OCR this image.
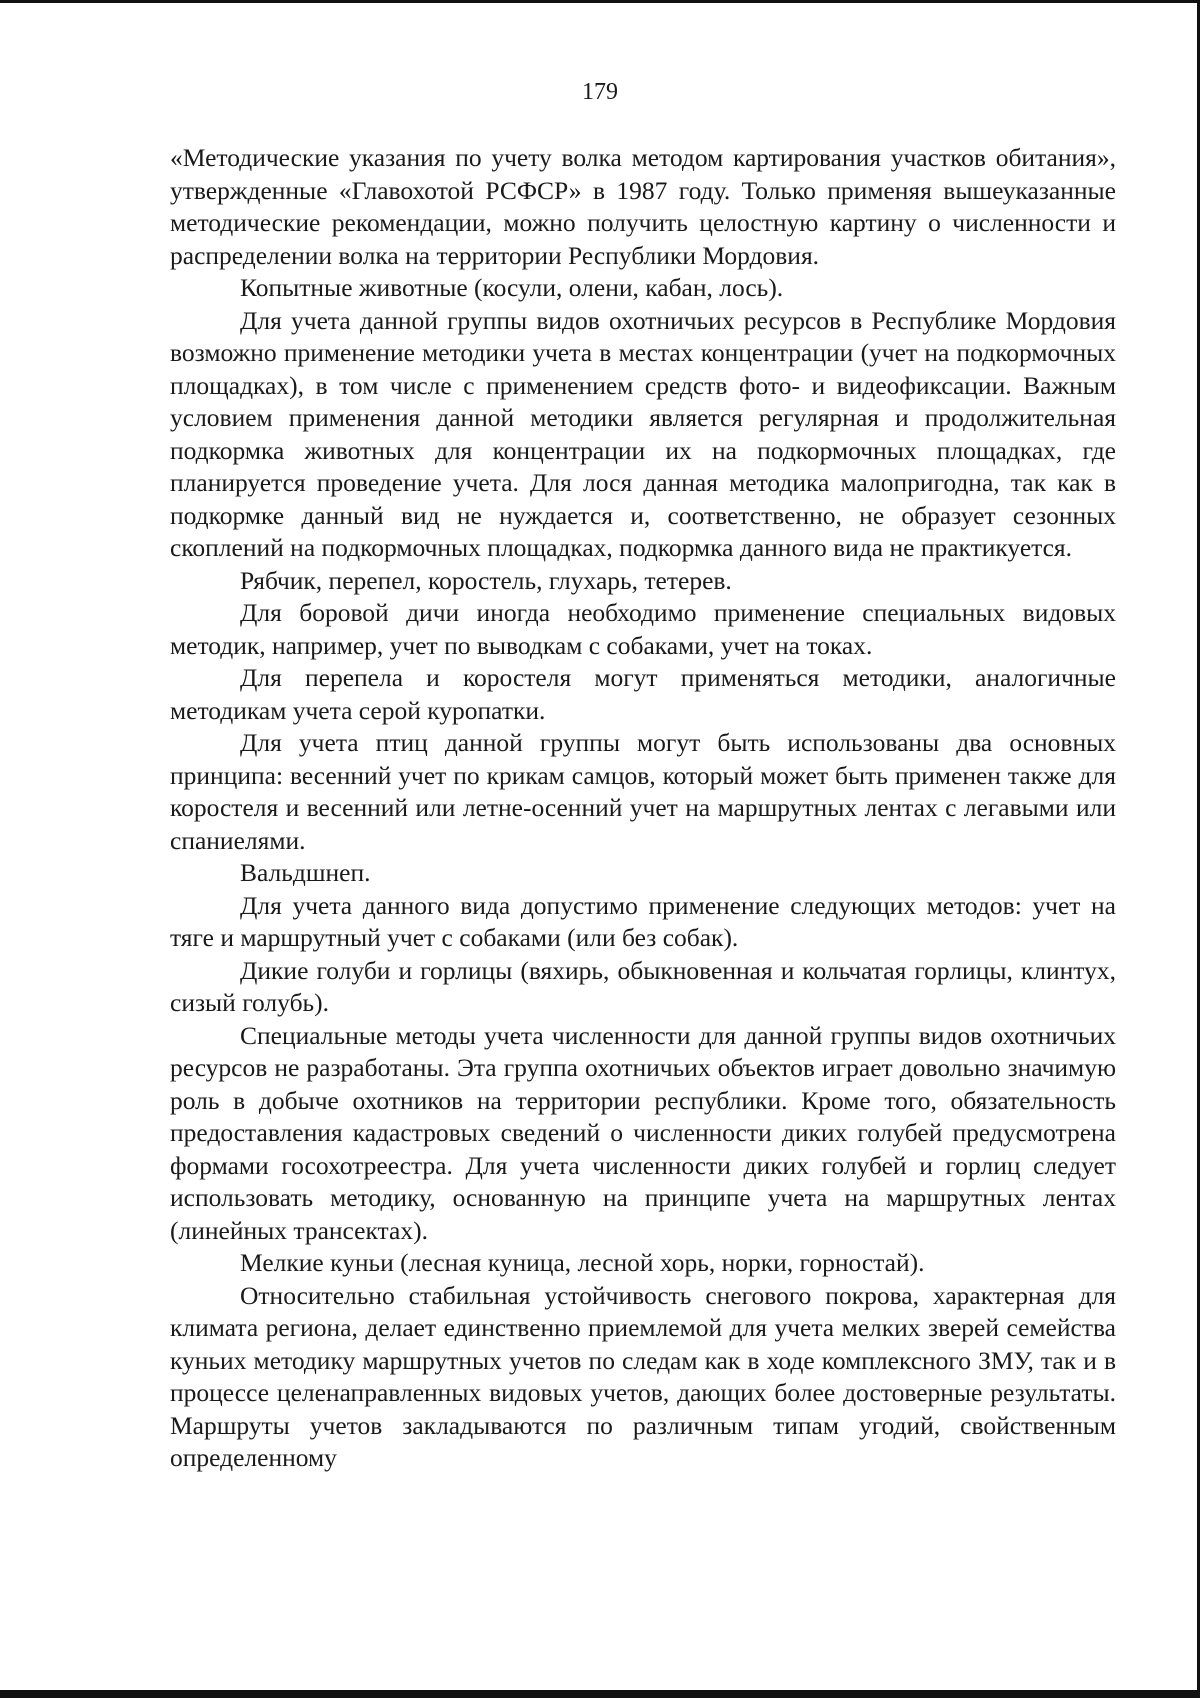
179

«Методические указания по учету волка методом картирования участков обитания», утвержденные «Главохотой РСФСР» в 1987 году. Только применяя вышеуказанные методические рекомендации, можно получить целостную картину о численности и распределении волка на территории Республики Мордовия.

Копытные животные (косули, олени, кабан, лось).

Для учета данной группы видов охотничьих ресурсов в Республике Мордовия возможно применение методики учета в местах концентрации (учет на подкормочных площадках), в том числе с применением средств фото- и видеофиксации. Важным условием применения данной методики является регулярная и продолжительная подкормка животных для концентрации их на подкормочных площадках, где планируется проведение учета. Для лося данная методика малопригодна, так как в подкормке данный вид не нуждается и, соответственно, не образует сезонных скоплений на подкормочных площадках, подкормка данного вида не практикуется.

Рябчик, перепел, коростель, глухарь, тетерев.

Для боровой дичи иногда необходимо применение специальных видовых методик, например, учет по выводкам с собаками, учет на токах.

Для перепела и коростеля могут применяться методики, аналогичные методикам учета серой куропатки.

Для учета птиц данной группы могут быть использованы два основных принципа: весенний учет по крикам самцов, который может быть применен также для коростеля и весенний или летне-осенний учет на маршрутных лентах с легавыми или спаниелями.

Вальдшнеп.

Для учета данного вида допустимо применение следующих методов: учет на тяге и маршрутный учет с собаками (или без собак).

Дикие голуби и горлицы (вяхирь, обыкновенная и кольчатая горлицы, клинтух, сизый голубь).

Специальные методы учета численности для данной группы видов охотничьих ресурсов не разработаны. Эта группа охотничьих объектов играет довольно значимую роль в добыче охотников на территории республики. Кроме того, обязательность предоставления кадастровых сведений о численности диких голубей предусмотрена формами госохотреестра. Для учета численности диких голубей и горлиц следует использовать методику, основанную на принципе учета на маршрутных лентах (линейных трансектах).

Мелкие куньи (лесная куница, лесной хорь, норки, горностай).

Относительно стабильная устойчивость снегового покрова, характерная для климата региона, делает единственно приемлемой для учета мелких зверей семейства куньих методику маршрутных учетов по следам как в ходе комплексного ЗМУ, так и в процессе целенаправленных видовых учетов, дающих более достоверные результаты. Маршруты учетов закладываются по различным типам угодий, свойственным определенному
